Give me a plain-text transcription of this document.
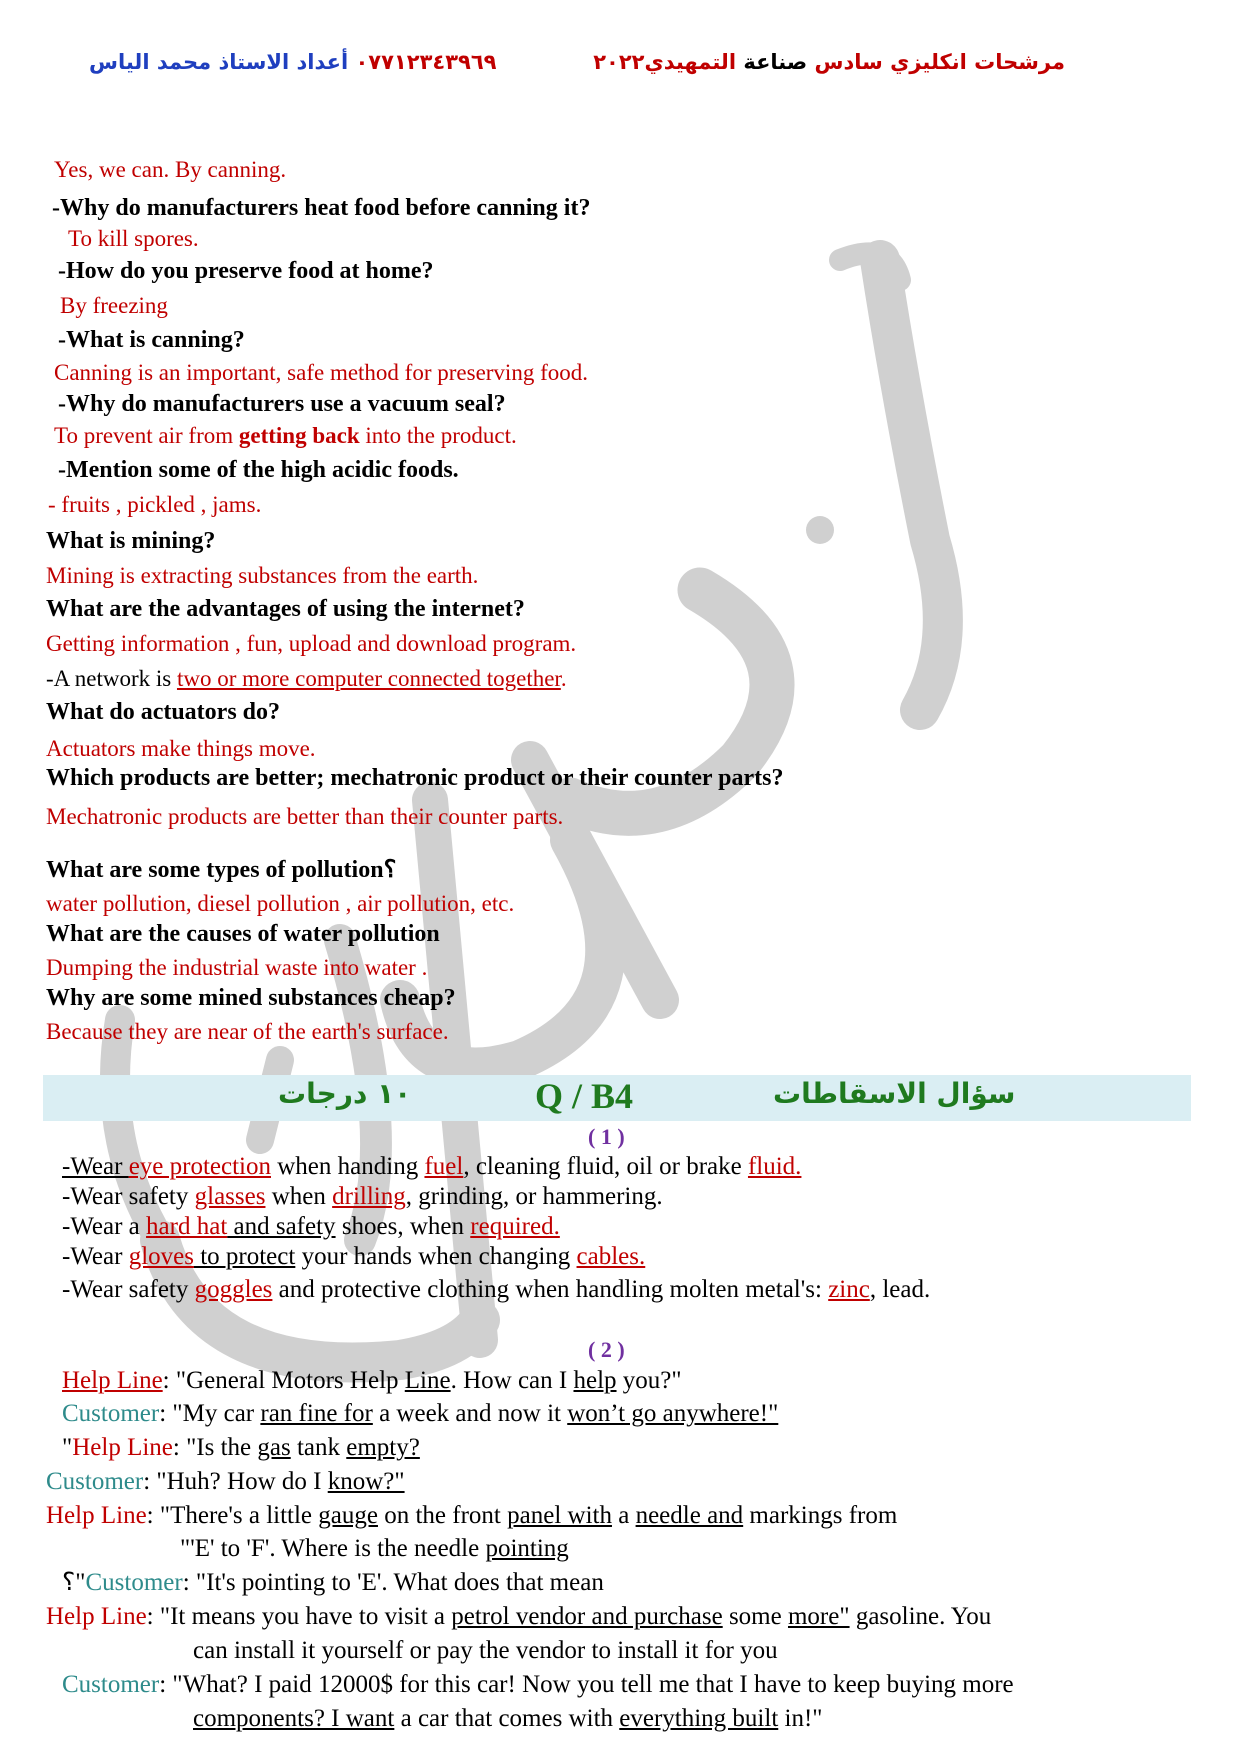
٠٧٧١٢٣٤٣٩٦٩ أعداد الاستاذ محمد الياس	مرشحات انكليزي سادس صناعة التمهيدي٢٠٢٢
Yes, we can. By canning.
-Why do manufacturers heat food before canning it?
To kill spores.
-How do you preserve food at home?
By freezing
-What is canning?
Canning is an important, safe method for preserving food.
-Why do manufacturers use a vacuum seal?
To prevent air from getting back into the product.
-Mention some of the high acidic foods.
- fruits , pickled , jams.
What is mining?
Mining is extracting substances from the earth.
What are the advantages of using the internet?
Getting information , fun, upload and download program.
-A network is two or more computer connected together.
What do actuators do?
Actuators make things move.
Which products are better; mechatronic product or their counter parts?
Mechatronic products are better than their counter parts.
What are some types of pollution؟
water pollution, diesel pollution , air pollution, etc.
What are the causes of water pollution
Dumping the industrial waste into water .
Why are some mined substances cheap?
Because they are near of the earth's surface.
١٠ درجات	Q / B4	سؤال الاسقاطات
( 1 )
-Wear eye protection when handing fuel, cleaning fluid, oil or brake fluid.
-Wear safety glasses when drilling, grinding, or hammering.
-Wear a hard hat and safety shoes, when required.
-Wear gloves to protect your hands when changing cables.
-Wear safety goggles and protective clothing when handling molten metal's: zinc, lead.
( 2 )
Help Line: "General Motors Help Line. How can I help you?"
Customer: "My car ran fine for a week and now it won’t go anywhere!"
"Help Line: "Is the gas tank empty?
Customer: "Huh? How do I know?"
Help Line: "There's a little gauge on the front panel with a needle and markings from
"'E' to 'F'. Where is the needle pointing
؟"Customer: "It's pointing to 'E'. What does that mean
Help Line: "It means you have to visit a petrol vendor and purchase some more" gasoline. You
can install it yourself or pay the vendor to install it for you
Customer: "What? I paid 12000$ for this car! Now you tell me that I have to keep buying more
components? I want a car that comes with everything built in!"
